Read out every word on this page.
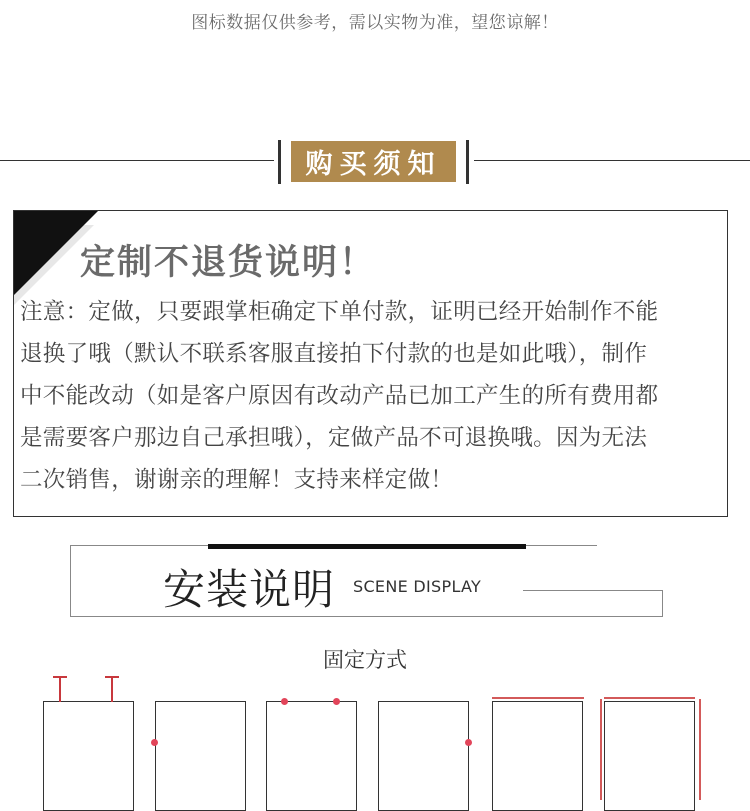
图标数据仅供参考，需以实物为准，望您谅解！
购买须知
定制不退货说明！
注意：定做，只要跟掌柜确定下单付款，证明已经开始制作不能
退换了哦（默认不联系客服直接拍下付款的也是如此哦），制作
中不能改动（如是客户原因有改动产品已加工产生的所有费用都
是需要客户那边自己承担哦），定做产品不可退换哦。因为无法
二次销售，谢谢亲的理解！支持来样定做！
安装说明 SCENE DISPLAY
固定方式
